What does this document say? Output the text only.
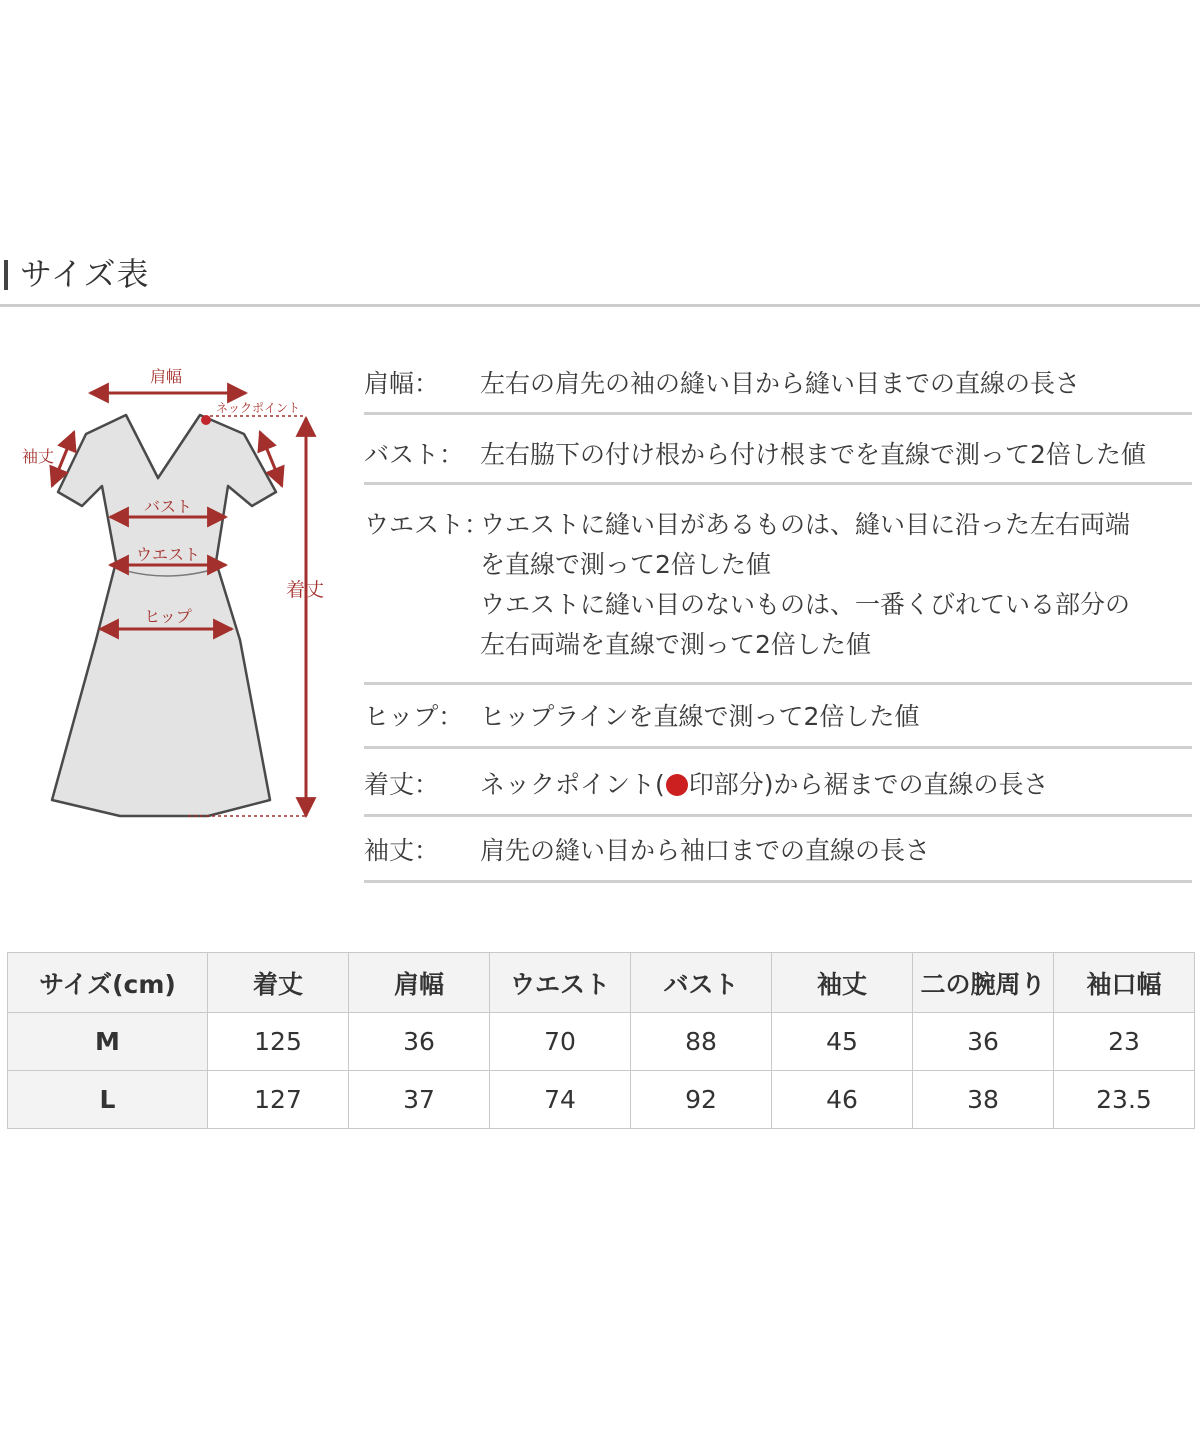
サイズ表
肩幅
ネックポイント
袖丈
バスト
ウエスト
ヒップ
着丈
肩幅： 左右の肩先の袖の縫い目から縫い目までの直線の長さ
バスト： 左右脇下の付け根から付け根までを直線で測って2倍した値
ウエスト：
ウエストに縫い目があるものは、縫い目に沿った左右両端
を直線で測って2倍した値
ウエストに縫い目のないものは、一番くびれている部分の
左右両端を直線で測って2倍した値
ヒップ： ヒップラインを直線で測って2倍した値
着丈： ネックポイント( 印部分)から裾までの直線の長さ
袖丈： 肩先の縫い目から袖口までの直線の長さ
サイズ(cm)	着丈	肩幅	ウエスト	バスト	袖丈	二の腕周り	袖口幅
M	125	36	70	88	45	36	23
L	127	37	74	92	46	38	23.5
